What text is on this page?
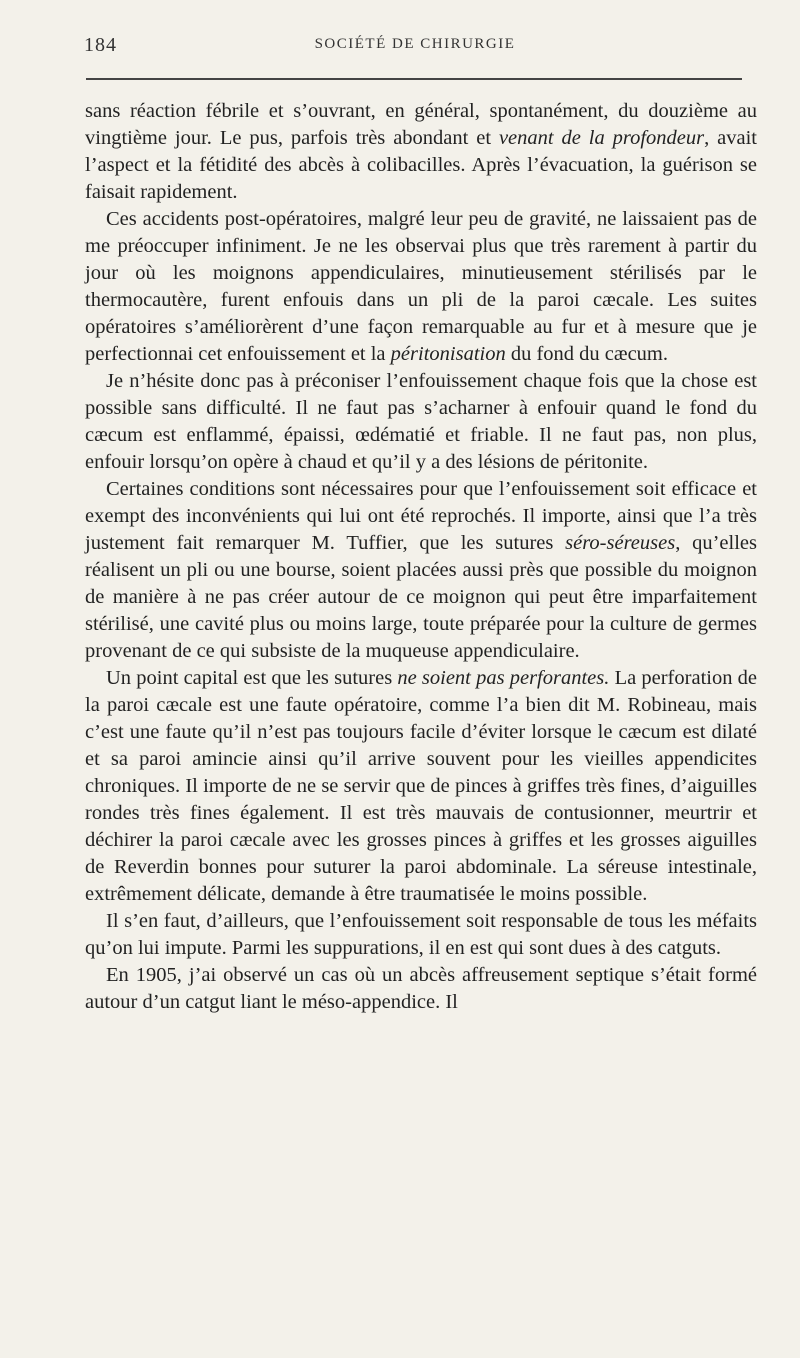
184	SOCIÉTÉ DE CHIRURGIE

sans réaction fébrile et s’ouvrant, en général, spontanément, du douzième au vingtième jour. Le pus, parfois très abondant et venant de la profondeur, avait l’aspect et la fétidité des abcès à colibacilles. Après l’évacuation, la guérison se faisait rapidement.

Ces accidents post-opératoires, malgré leur peu de gravité, ne laissaient pas de me préoccuper infiniment. Je ne les observai plus que très rarement à partir du jour où les moignons appendiculaires, minutieusement stérilisés par le thermocautère, furent enfouis dans un pli de la paroi cæcale. Les suites opératoires s’améliorèrent d’une façon remarquable au fur et à mesure que je perfectionnai cet enfouissement et la péritonisation du fond du cæcum.

Je n’hésite donc pas à préconiser l’enfouissement chaque fois que la chose est possible sans difficulté. Il ne faut pas s’acharner à enfouir quand le fond du cæcum est enflammé, épaissi, œdématié et friable. Il ne faut pas, non plus, enfouir lorsqu’on opère à chaud et qu’il y a des lésions de péritonite.

Certaines conditions sont nécessaires pour que l’enfouissement soit efficace et exempt des inconvénients qui lui ont été reprochés. Il importe, ainsi que l’a très justement fait remarquer M. Tuffier, que les sutures séro-séreuses, qu’elles réalisent un pli ou une bourse, soient placées aussi près que possible du moignon de manière à ne pas créer autour de ce moignon qui peut être imparfaitement stérilisé, une cavité plus ou moins large, toute préparée pour la culture de germes provenant de ce qui subsiste de la muqueuse appendiculaire.

Un point capital est que les sutures ne soient pas perforantes. La perforation de la paroi cæcale est une faute opératoire, comme l’a bien dit M. Robineau, mais c’est une faute qu’il n’est pas toujours facile d’éviter lorsque le cæcum est dilaté et sa paroi amincie ainsi qu’il arrive souvent pour les vieilles appendicites chroniques. Il importe de ne se servir que de pinces à griffes très fines, d’aiguilles rondes très fines également. Il est très mauvais de contusionner, meurtrir et déchirer la paroi cæcale avec les grosses pinces à griffes et les grosses aiguilles de Reverdin bonnes pour suturer la paroi abdominale. La séreuse intestinale, extrêmement délicate, demande à être traumatisée le moins possible.

Il s’en faut, d’ailleurs, que l’enfouissement soit responsable de tous les méfaits qu’on lui impute. Parmi les suppurations, il en est qui sont dues à des catguts.

En 1905, j’ai observé un cas où un abcès affreusement septique s’était formé autour d’un catgut liant le méso-appendice. Il
